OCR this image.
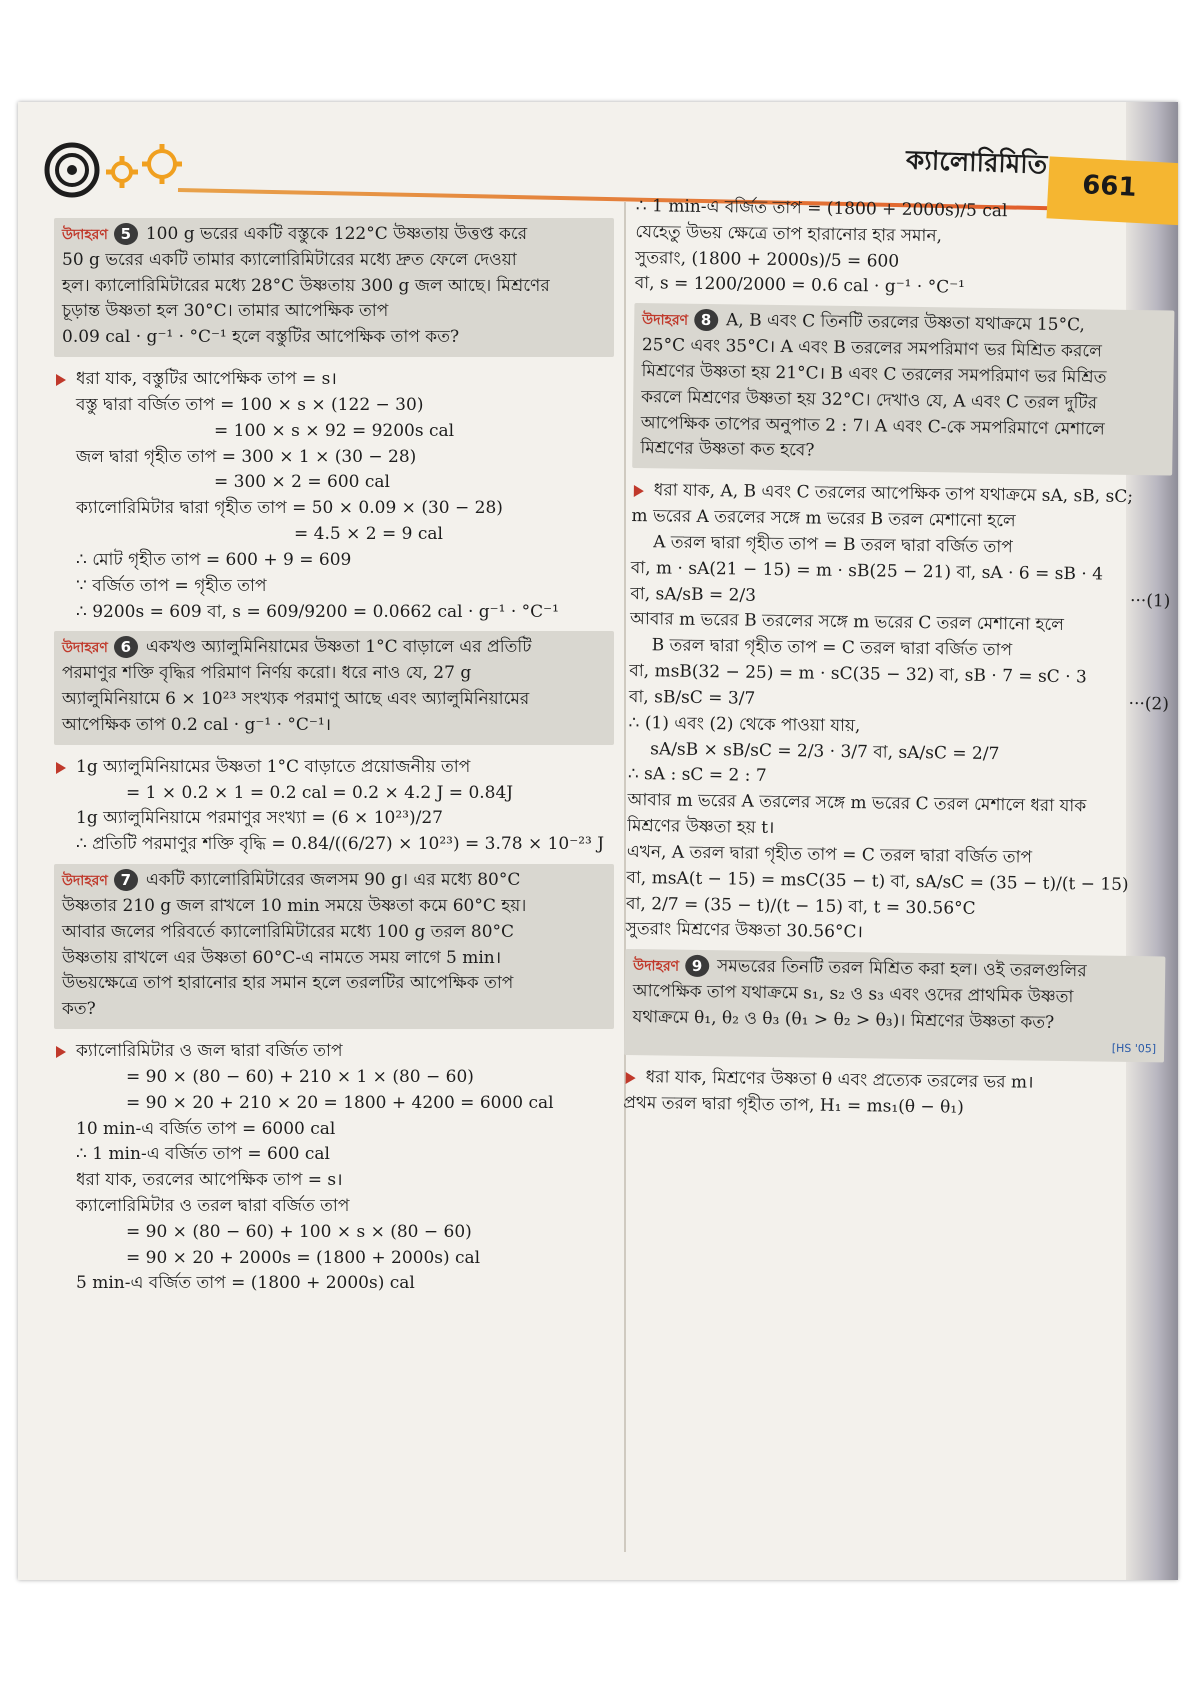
ক্যালোরিমিতি
661
উদাহরণ 5 100 g ভরের একটি বস্তুকে 122°C উষ্ণতায় উত্তপ্ত করে
50 g ভরের একটি তামার ক্যালোরিমিটারের মধ্যে দ্রুত ফেলে দেওয়া
হল। ক্যালোরিমিটারের মধ্যে 28°C উষ্ণতায় 300 g জল আছে। মিশ্রণের
চূড়ান্ত উষ্ণতা হল 30°C। তামার আপেক্ষিক তাপ
0.09 cal · g⁻¹ · °C⁻¹ হলে বস্তুটির আপেক্ষিক তাপ কত?
ধরা যাক, বস্তুটির আপেক্ষিক তাপ = s।
বস্তু দ্বারা বর্জিত তাপ = 100 × s × (122 − 30)
= 100 × s × 92 = 9200s cal
জল দ্বারা গৃহীত তাপ = 300 × 1 × (30 − 28)
= 300 × 2 = 600 cal
ক্যালোরিমিটার দ্বারা গৃহীত তাপ = 50 × 0.09 × (30 − 28)
= 4.5 × 2 = 9 cal
∴ মোট গৃহীত তাপ = 600 + 9 = 609
∵ বর্জিত তাপ = গৃহীত তাপ
∴ 9200s = 609 বা, s = 609/9200 = 0.0662 cal · g⁻¹ · °C⁻¹
উদাহরণ 6 একখণ্ড অ্যালুমিনিয়ামের উষ্ণতা 1°C বাড়ালে এর প্রতিটি
পরমাণুর শক্তি বৃদ্ধির পরিমাণ নির্ণয় করো। ধরে নাও যে, 27 g
অ্যালুমিনিয়ামে 6 × 10²³ সংখ্যক পরমাণু আছে এবং অ্যালুমিনিয়ামের
আপেক্ষিক তাপ 0.2 cal · g⁻¹ · °C⁻¹।
1g অ্যালুমিনিয়ামের উষ্ণতা 1°C বাড়াতে প্রয়োজনীয় তাপ
= 1 × 0.2 × 1 = 0.2 cal = 0.2 × 4.2 J = 0.84J
1g অ্যালুমিনিয়ামে পরমাণুর সংখ্যা = (6 × 10²³)/27
∴ প্রতিটি পরমাণুর শক্তি বৃদ্ধি = 0.84/((6/27) × 10²³) = 3.78 × 10⁻²³ J
উদাহরণ 7 একটি ক্যালোরিমিটারের জলসম 90 g। এর মধ্যে 80°C
উষ্ণতার 210 g জল রাখলে 10 min সময়ে উষ্ণতা কমে 60°C হয়।
আবার জলের পরিবর্তে ক্যালোরিমিটারের মধ্যে 100 g তরল 80°C
উষ্ণতায় রাখলে এর উষ্ণতা 60°C-এ নামতে সময় লাগে 5 min।
উভয়ক্ষেত্রে তাপ হারানোর হার সমান হলে তরলটির আপেক্ষিক তাপ
কত?
ক্যালোরিমিটার ও জল দ্বারা বর্জিত তাপ
= 90 × (80 − 60) + 210 × 1 × (80 − 60)
= 90 × 20 + 210 × 20 = 1800 + 4200 = 6000 cal
10 min-এ বর্জিত তাপ = 6000 cal
∴ 1 min-এ বর্জিত তাপ = 600 cal
ধরা যাক, তরলের আপেক্ষিক তাপ = s।
ক্যালোরিমিটার ও তরল দ্বারা বর্জিত তাপ
= 90 × (80 − 60) + 100 × s × (80 − 60)
= 90 × 20 + 2000s = (1800 + 2000s) cal
5 min-এ বর্জিত তাপ = (1800 + 2000s) cal
∴ 1 min-এ বর্জিত তাপ = (1800 + 2000s)/5 cal
যেহেতু উভয় ক্ষেত্রে তাপ হারানোর হার সমান,
সুতরাং, (1800 + 2000s)/5 = 600
বা, s = 1200/2000 = 0.6 cal · g⁻¹ · °C⁻¹
উদাহরণ 8 A, B এবং C তিনটি তরলের উষ্ণতা যথাক্রমে 15°C,
25°C এবং 35°C। A এবং B তরলের সমপরিমাণ ভর মিশ্রিত করলে
মিশ্রণের উষ্ণতা হয় 21°C। B এবং C তরলের সমপরিমাণ ভর মিশ্রিত
করলে মিশ্রণের উষ্ণতা হয় 32°C। দেখাও যে, A এবং C তরল দুটির
আপেক্ষিক তাপের অনুপাত 2 : 7। A এবং C-কে সমপরিমাণে মেশালে
মিশ্রণের উষ্ণতা কত হবে?
ধরা যাক, A, B এবং C তরলের আপেক্ষিক তাপ যথাক্রমে sA, sB, sC;
m ভরের A তরলের সঙ্গে m ভরের B তরল মেশানো হলে
A তরল দ্বারা গৃহীত তাপ = B তরল দ্বারা বর্জিত তাপ
বা, m · sA(21 − 15) = m · sB(25 − 21) বা, sA · 6 = sB · 4
বা, sA/sB = 2/3	···(1)
আবার m ভরের B তরলের সঙ্গে m ভরের C তরল মেশানো হলে
B তরল দ্বারা গৃহীত তাপ = C তরল দ্বারা বর্জিত তাপ
বা, msB(32 − 25) = m · sC(35 − 32) বা, sB · 7 = sC · 3
বা, sB/sC = 3/7	···(2)
∴ (1) এবং (2) থেকে পাওয়া যায়,
sA/sB × sB/sC = 2/3 · 3/7 বা, sA/sC = 2/7
∴ sA : sC = 2 : 7
আবার m ভরের A তরলের সঙ্গে m ভরের C তরল মেশালে ধরা যাক
মিশ্রণের উষ্ণতা হয় t।
এখন, A তরল দ্বারা গৃহীত তাপ = C তরল দ্বারা বর্জিত তাপ
বা, msA(t − 15) = msC(35 − t) বা, sA/sC = (35 − t)/(t − 15)
বা, 2/7 = (35 − t)/(t − 15) বা, t = 30.56°C
সুতরাং মিশ্রণের উষ্ণতা 30.56°C।
উদাহরণ 9 সমভরের তিনটি তরল মিশ্রিত করা হল। ওই তরলগুলির
আপেক্ষিক তাপ যথাক্রমে s₁, s₂ ও s₃ এবং ওদের প্রাথমিক উষ্ণতা
যথাক্রমে θ₁, θ₂ ও θ₃ (θ₁ > θ₂ > θ₃)। মিশ্রণের উষ্ণতা কত?
[HS '05]
ধরা যাক, মিশ্রণের উষ্ণতা θ এবং প্রত্যেক তরলের ভর m।
প্রথম তরল দ্বারা গৃহীত তাপ, H₁ = ms₁(θ − θ₁)
